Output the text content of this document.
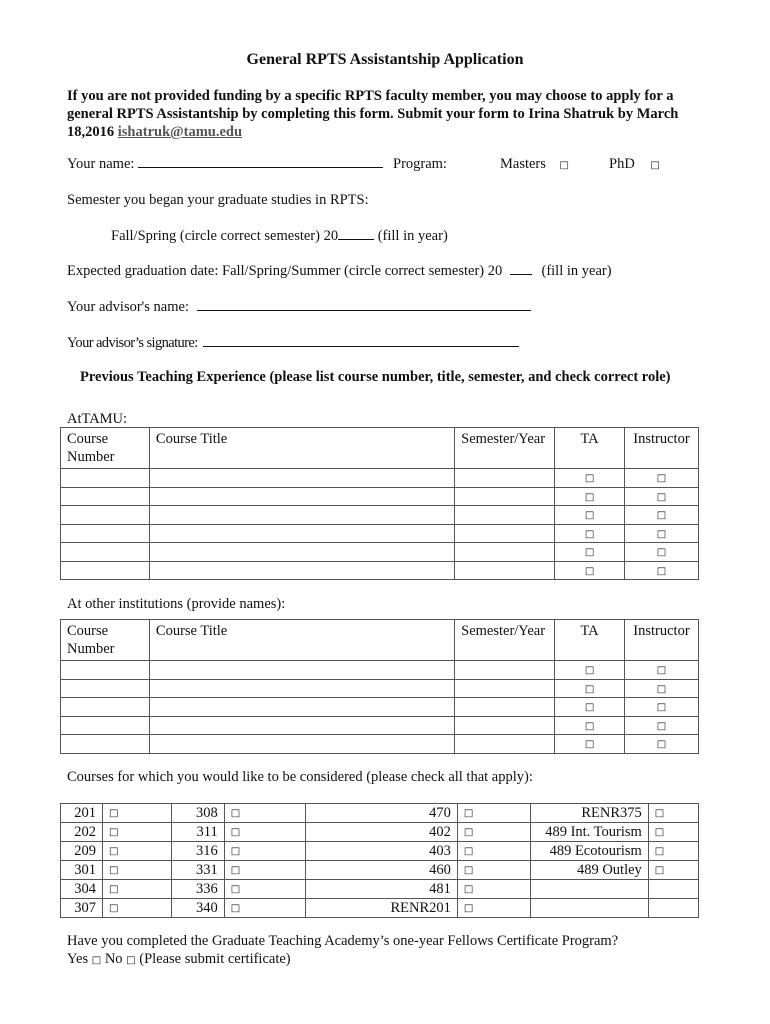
General RPTS Assistantship Application
If you are not provided funding by a specific RPTS faculty member, you may choose to apply for a general RPTS Assistantship by completing this form. Submit your form to Irina Shatruk by March 18,2016 ishatruk@tamu.edu
Your name:	Program:	Masters □	PhD □
Semester you began your graduate studies in RPTS:
Fall/Spring (circle correct semester) 20	(fill in year)
Expected graduation date: Fall/Spring/Summer (circle correct semester) 20	(fill in year)
Your advisor's name:
Your advisor’s signature:
Previous Teaching Experience (please list course number, title, semester, and check correct role)
AtTAMU:
Course Number	Course Title	Semester/Year	TA	Instructor
			□	□
			□	□
			□	□
			□	□
			□	□
			□	□
At other institutions (provide names):
Course Number	Course Title	Semester/Year	TA	Instructor
			□	□
			□	□
			□	□
			□	□
			□	□
Courses for which you would like to be considered (please check all that apply):
201	□	308	□	470	□	RENR375	□
202	□	311	□	402	□	489 Int. Tourism	□
209	□	316	□	403	□	489 Ecotourism	□
301	□	331	□	460	□	489 Outley	□
304	□	336	□	481	□		
307	□	340	□	RENR201	□		
Have you completed the Graduate Teaching Academy’s one-year Fellows Certificate Program?
Yes □ No □ (Please submit certificate)
